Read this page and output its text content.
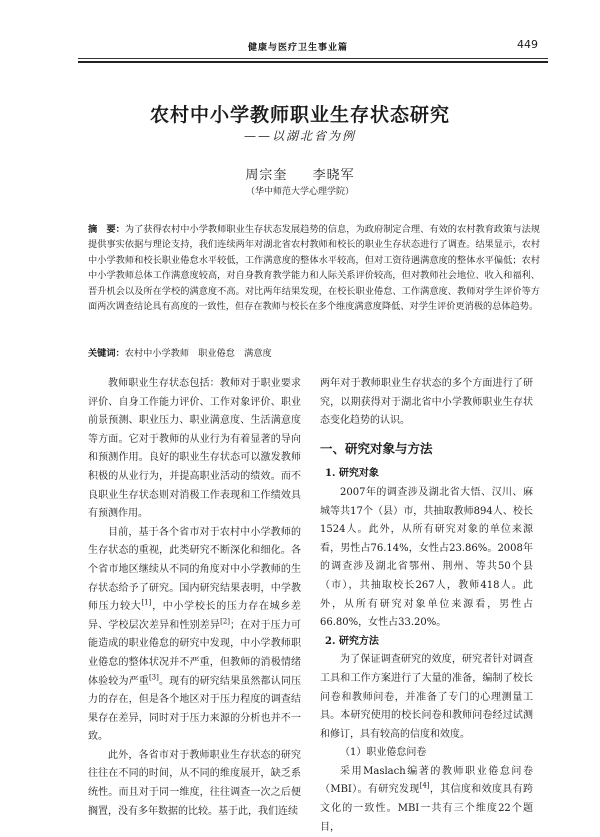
健康与医疗卫生事业篇	449
农村中小学教师职业生存状态研究
——以湖北省为例
周宗奎 李晓军
（华中师范大学心理学院）
摘　要：为了获得农村中小学教师职业生存状态发展趋势的信息，为政府制定合理、有效的农村教育政策与法规提供事实依据与理论支持，我们连续两年对湖北省农村教师和校长的职业生存状态进行了调查。结果显示，农村中小学教师和校长职业倦怠水平较低，工作满意度的整体水平较高，但对工资待遇满意度的整体水平偏低；农村中小学教师总体工作满意度较高，对自身教育教学能力和人际关系评价较高，但对教师社会地位、收入和福利、晋升机会以及所在学校的满意度不高。对比两年结果发现，在校长职业倦怠、工作满意度、教师对学生评价等方面两次调查结论具有高度的一致性，但存在教师与校长在多个维度满意度降低、对学生评价更消极的总体趋势。
关键词：农村中小学教师　职业倦怠　满意度

教师职业生存状态包括：教师对于职业要求评价、自身工作能力评价、工作对象评价、职业前景预测、职业压力、职业满意度、生活满意度等方面。它对于教师的从业行为有着显著的导向和预测作用。良好的职业生存状态可以激发教师积极的从业行为，并提高职业活动的绩效。而不良职业生存状态则对消极工作表现和工作绩效具有预测作用。

目前，基于各个省市对于农村中小学教师的生存状态的重视，此类研究不断深化和细化。各个省市地区继续从不同的角度对中小学教师的生存状态给予了研究。国内研究结果表明，中学教师压力较大[1]，中小学校长的压力存在城乡差异、学校层次差异和性别差异[2]；在对于压力可能造成的职业倦怠的研究中发现，中小学教师职业倦怠的整体状况并不严重，但教师的消极情绪体验较为严重[3]。现有的研究结果虽然都认同压力的存在，但是各个地区对于压力程度的调查结果存在差异，同时对于压力来源的分析也并不一致。

此外，各省市对于教师职业生存状态的研究往往在不同的时间，从不同的维度展开，缺乏系统性。而且对于同一维度，往往调查一次之后便搁置，没有多年数据的比较。基于此，我们连续

两年对于教师职业生存状态的多个方面进行了研究，以期获得对于湖北省中小学教师职业生存状态变化趋势的认识。

一、研究对象与方法
1. 研究对象

2007年的调查涉及湖北省大悟、汉川、麻城等共17个（县）市，共抽取教师894人、校长1524人。此外，从所有研究对象的单位来源看，男性占76.14%，女性占23.86%。2008年的调查涉及湖北省鄂州、荆州、等共50个县（市），共抽取校长267人，教师418人。此外，从所有研究对象单位来源看，男性占66.80%，女性占33.20%。

2. 研究方法

为了保证调查研究的效度，研究者针对调查工具和工作方案进行了大量的准备，编制了校长问卷和教师问卷，并准备了专门的心理测量工具。本研究使用的校长问卷和教师问卷经过试测和修订，具有较高的信度和效度。

（1）职业倦怠问卷

采用Maslach编著的教师职业倦怠问卷（MBI）。有研究发现[4]，其信度和效度具有跨文化的一致性。MBI一共有三个维度22个题目，
